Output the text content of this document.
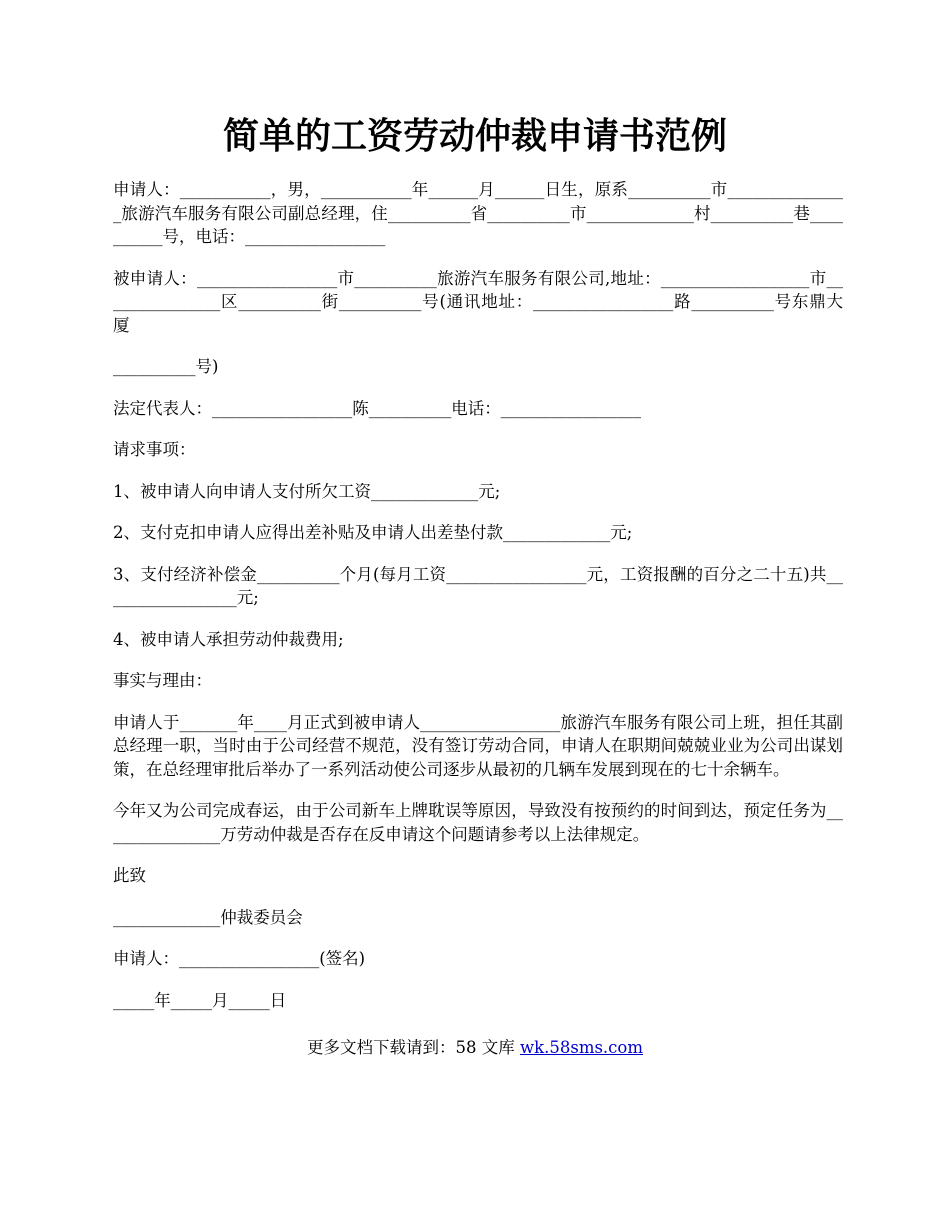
简单的工资劳动仲裁申请书范例

申请人：___________，男，___________年______月______日生，原系__________市_______________旅游汽车服务有限公司副总经理，住__________省__________市_____________村__________巷__________号，电话：_________________

被申请人：_________________市__________旅游汽车服务有限公司,地址：__________________市_______________区__________街__________号(通讯地址：_________________路__________号东鼎大厦

__________号)

法定代表人：_________________陈__________电话：_________________

请求事项：

1、被申请人向申请人支付所欠工资_____________元;

2、支付克扣申请人应得出差补贴及申请人出差垫付款_____________元;

3、支付经济补偿金__________个月(每月工资_________________元，工资报酬的百分之二十五)共_________________元;

4、被申请人承担劳动仲裁费用;

事实与理由：

申请人于_______年____月正式到被申请人_________________旅游汽车服务有限公司上班，担任其副总经理一职，当时由于公司经营不规范，没有签订劳动合同，申请人在职期间兢兢业业为公司出谋划策，在总经理审批后举办了一系列活动使公司逐步从最初的几辆车发展到现在的七十余辆车。

今年又为公司完成春运，由于公司新车上牌耽误等原因，导致没有按预约的时间到达，预定任务为_______________万劳动仲裁是否存在反申请这个问题请参考以上法律规定。

此致

_____________仲裁委员会

申请人：_________________(签名)

_____年_____月_____日

更多文档下载请到：58 文库 wk.58sms.com
